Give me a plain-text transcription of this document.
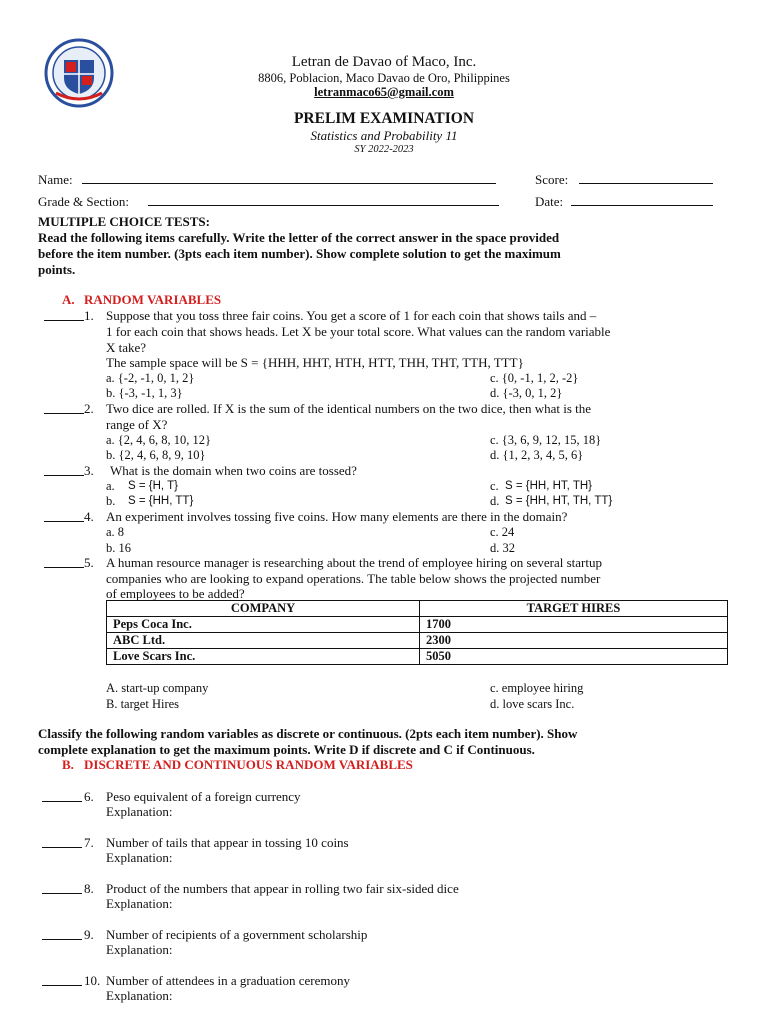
Letran de Davao of Maco, Inc.
8806, Poblacion, Maco Davao de Oro, Philippines
letranmaco65@gmail.com
PRELIM EXAMINATION
Statistics and Probability 11
SY 2022-2023
Name:	Score:
Grade & Section:	Date:
MULTIPLE CHOICE TESTS:
Read the following items carefully. Write the letter of the correct answer in the space provided
before the item number. (3pts each item number). Show complete solution to get the maximum
points.
A. RANDOM VARIABLES
1. Suppose that you toss three fair coins. You get a score of 1 for each coin that shows tails and –
1 for each coin that shows heads. Let X be your total score. What values can the random variable
X take?
The sample space will be S = {HHH, HHT, HTH, HTT, THH, THT, TTH, TTT}
a. {-2, -1, 0, 1, 2}	c. {0, -1, 1, 2, -2}
b. {-3, -1, 1, 3}	d. {-3, 0, 1, 2}
2. Two dice are rolled. If X is the sum of the identical numbers on the two dice, then what is the
range of X?
a. {2, 4, 6, 8, 10, 12}	c. {3, 6, 9, 12, 15, 18}
b. {2, 4, 6, 8, 9, 10}	d. {1, 2, 3, 4, 5, 6}
3. What is the domain when two coins are tossed?
a. S = {H, T}	c. S = {HH, HT, TH}
b. S = {HH, TT}	d. S = {HH, HT, TH, TT}
4. An experiment involves tossing five coins. How many elements are there in the domain?
a. 8	c. 24
b. 16	d. 32
5. A human resource manager is researching about the trend of employee hiring on several startup
companies who are looking to expand operations. The table below shows the projected number
of employees to be added?
COMPANY	TARGET HIRES
Peps Coca Inc.	1700
ABC Ltd.	2300
Love Scars Inc.	5050
A. start-up company	c. employee hiring
B. target Hires	d. love scars Inc.
Classify the following random variables as discrete or continuous. (2pts each item number). Show
complete explanation to get the maximum points. Write D if discrete and C if Continuous.
B. DISCRETE AND CONTINUOUS RANDOM VARIABLES
6. Peso equivalent of a foreign currency
Explanation:
7. Number of tails that appear in tossing 10 coins
Explanation:
8. Product of the numbers that appear in rolling two fair six-sided dice
Explanation:
9. Number of recipients of a government scholarship
Explanation:
10. Number of attendees in a graduation ceremony
Explanation:
